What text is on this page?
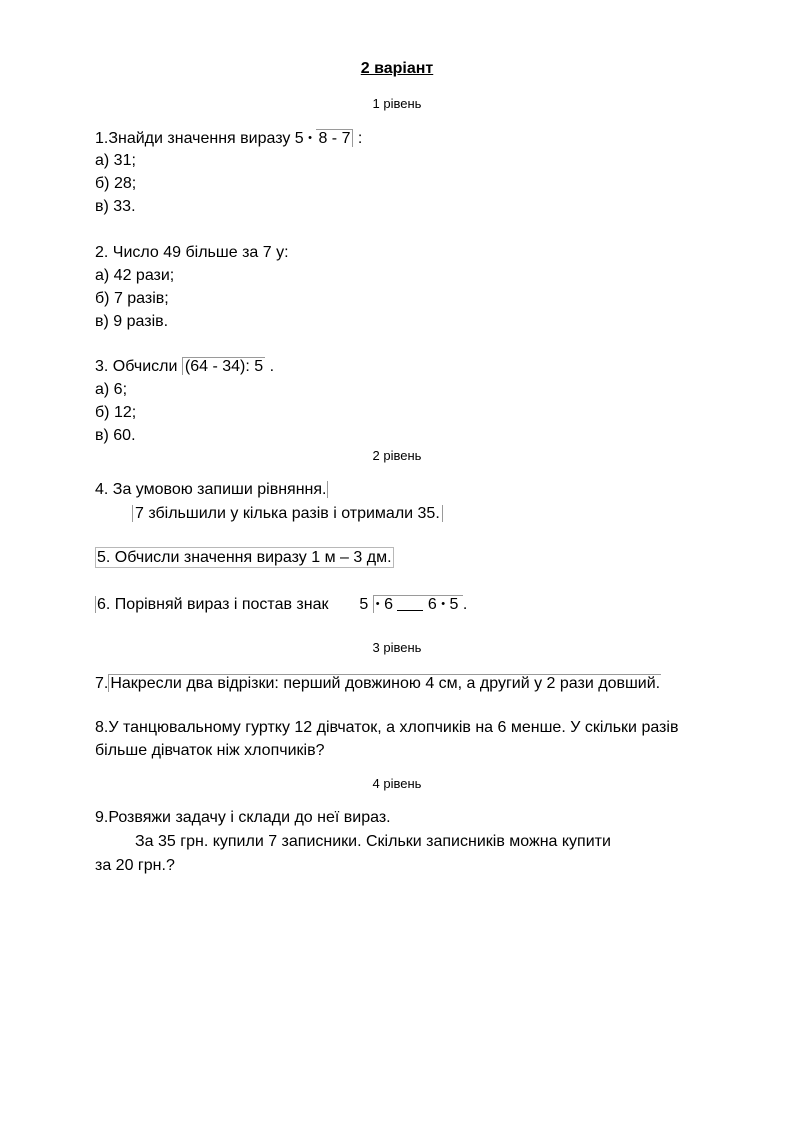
2 варіант
1 рівень
1.Знайди значення виразу 5 • 8 - 7 :
а) 31;
б) 28;
в) 33.
2. Число 49 більше за 7 у:
а) 42 рази;
б) 7 разів;
в) 9 разів.
3. Обчисли (64 - 34): 5 .
а) 6;
б) 12;
в) 60.
2 рівень
4. За умовою запиши рівняння.
7 збільшили у кілька разів і отримали 35.
5. Обчисли значення виразу 1 м – 3 дм.
6. Порівняй вираз і постав знак 5 • 6 6 • 5 .
3 рівень
7. Накресли два відрізки: перший довжиною 4 см, а другий у 2 рази довший.
8.У танцювальному гуртку 12 дівчаток, а хлопчиків на 6 менше. У скільки разів
більше дівчаток ніж хлопчиків?
4 рівень
9.Розвяжи задачу і склади до неї вираз.
За 35 грн. купили 7 записники. Скільки записників можна купити
за 20 грн.?
